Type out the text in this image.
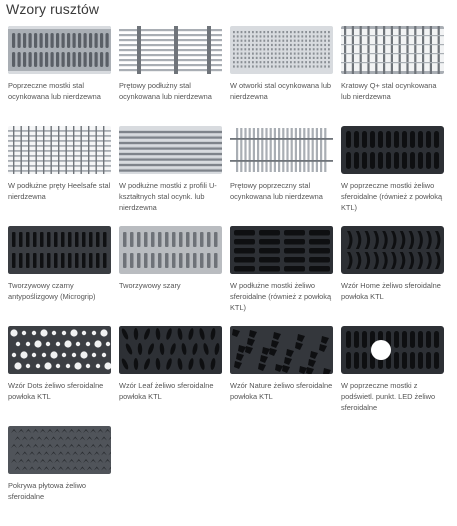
Wzory rusztów
Poprzeczne mostki stal ocynkowana lub nierdzewna
Prętowy podłużny stal ocynkowana lub nierdzewna
W otworki stal ocynkowana lub nierdzewna
Kratowy Q+ stal ocynkowana lub nierdzewna
W podłużne pręty Heelsafe stal nierdzewna
W podłużne mostki z profili U-kształtnych stal ocynk. lub nierdzewna
Prętowy poprzeczny stal ocynkowana lub nierdzewna
W poprzeczne mostki żeliwo sferoidalne (również z powłoką KTL)
Tworzywowy czarny antypoślizgowy (Microgrip)
Tworzywowy szary	W podłużne mostki żeliwo sferoidalne (również z powłoką KTL)
Wzór Home żeliwo sferoidalne powłoka KTL
Wzór Dots żeliwo sferoidalne powłoka KTL
Wzór Leaf żeliwo sferoidalne powłoka KTL
Wzór Nature żeliwo sferoidalne powłoka KTL
W poprzeczne mostki z podświetl. punkt. LED żeliwo sferoidalne
Pokrywa płytowa żeliwo sferoidalne
